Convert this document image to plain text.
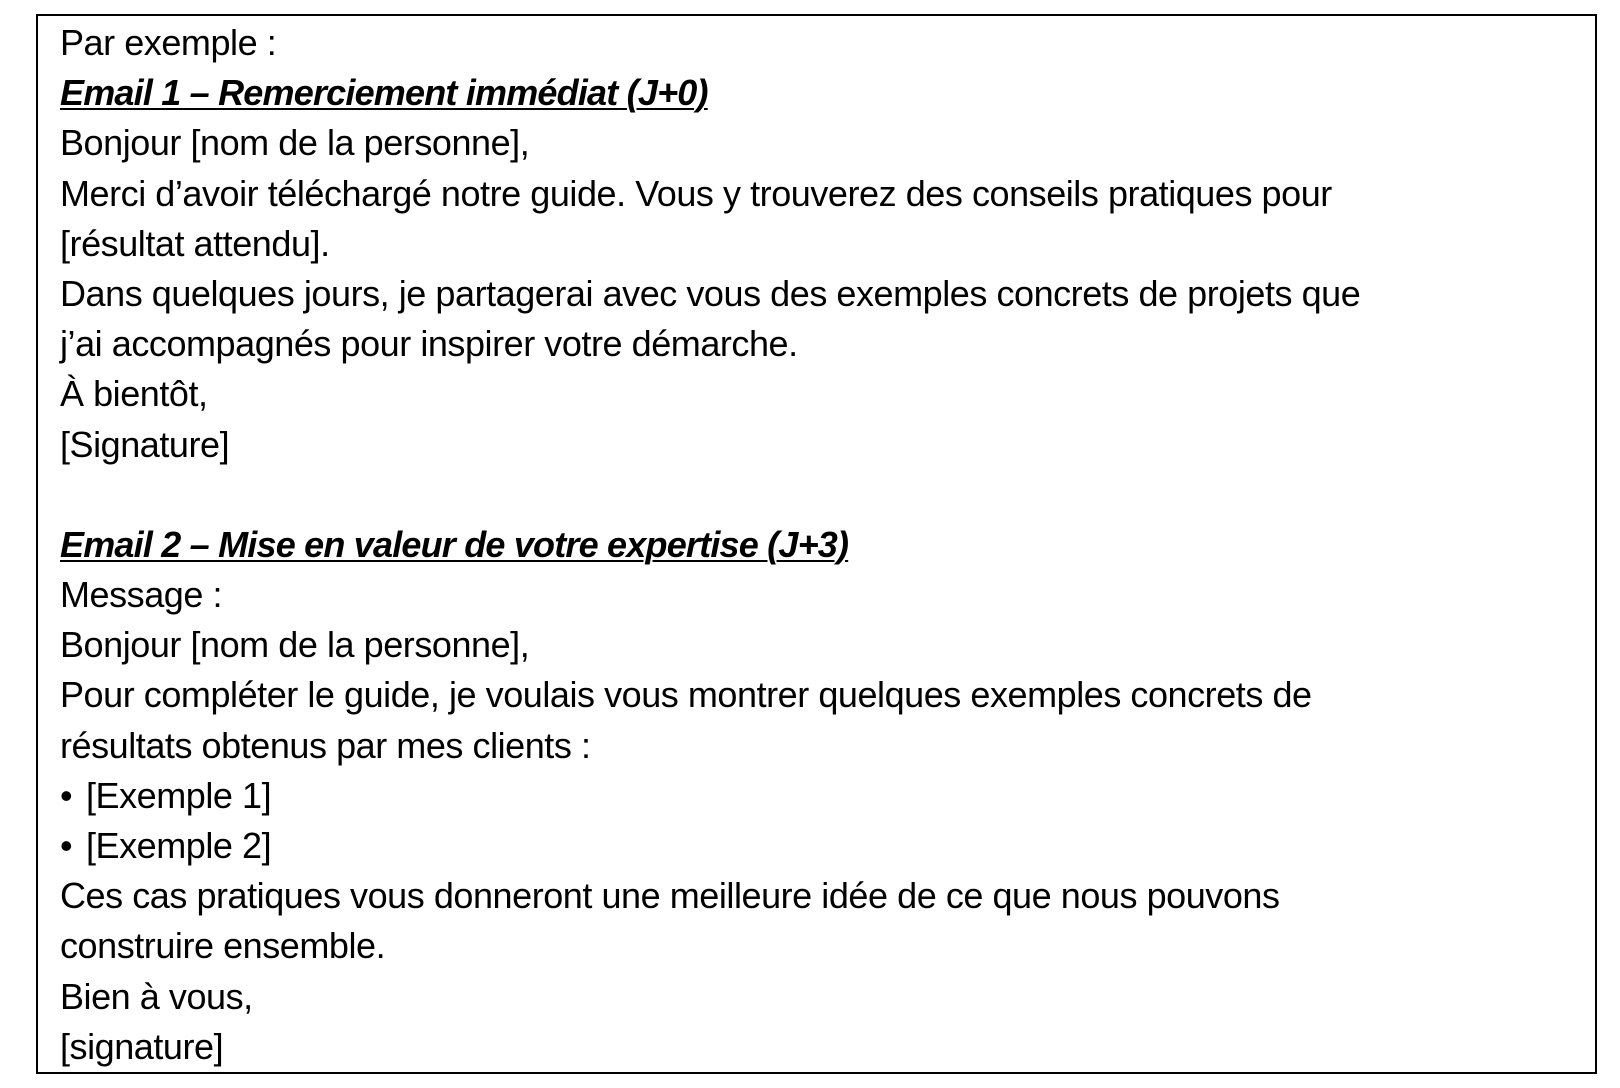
Par exemple :
Email 1 – Remerciement immédiat (J+0)
Bonjour [nom de la personne],
Merci d’avoir téléchargé notre guide. Vous y trouverez des conseils pratiques pour
[résultat attendu].
Dans quelques jours, je partagerai avec vous des exemples concrets de projets que
j’ai accompagnés pour inspirer votre démarche.
À bientôt,
[Signature]
Email 2 – Mise en valeur de votre expertise (J+3)
Message :
Bonjour [nom de la personne],
Pour compléter le guide, je voulais vous montrer quelques exemples concrets de
résultats obtenus par mes clients :
• [Exemple 1]
• [Exemple 2]
Ces cas pratiques vous donneront une meilleure idée de ce que nous pouvons
construire ensemble.
Bien à vous,
[signature]
